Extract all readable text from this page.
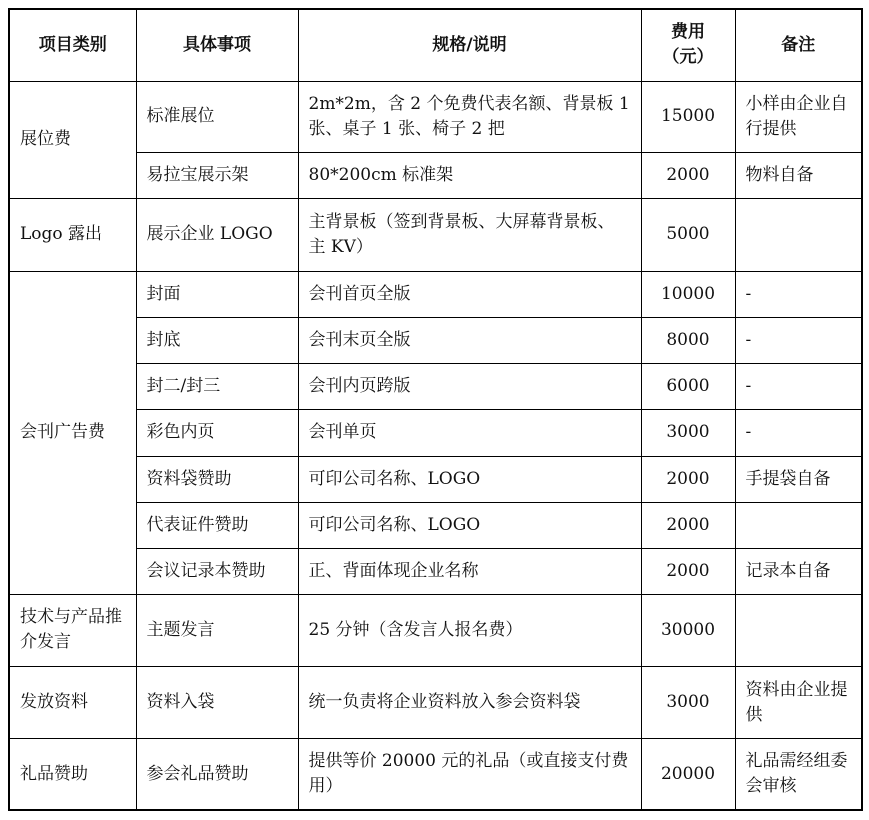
项目类别	具体事项	规格/说明	费用（元）	备注
展位费	标准展位	2m*2m，含 2 个免费代表名额、背景板 1 张、桌子 1 张、椅子 2 把	15000	小样由企业自行提供
	易拉宝展示架	80*200cm 标准架	2000	物料自备
Logo 露出	展示企业 LOGO	主背景板（签到背景板、大屏幕背景板、主 KV）	5000	
会刊广告费	封面	会刊首页全版	10000	-
	封底	会刊末页全版	8000	-
	封二/封三	会刊内页跨版	6000	-
	彩色内页	会刊单页	3000	-
	资料袋赞助	可印公司名称、LOGO	2000	手提袋自备
	代表证件赞助	可印公司名称、LOGO	2000	
	会议记录本赞助	正、背面体现企业名称	2000	记录本自备
技术与产品推介发言	主题发言	25 分钟（含发言人报名费）	30000	
发放资料	资料入袋	统一负责将企业资料放入参会资料袋	3000	资料由企业提供
礼品赞助	参会礼品赞助	提供等价 20000 元的礼品（或直接支付费用）	20000	礼品需经组委会审核
